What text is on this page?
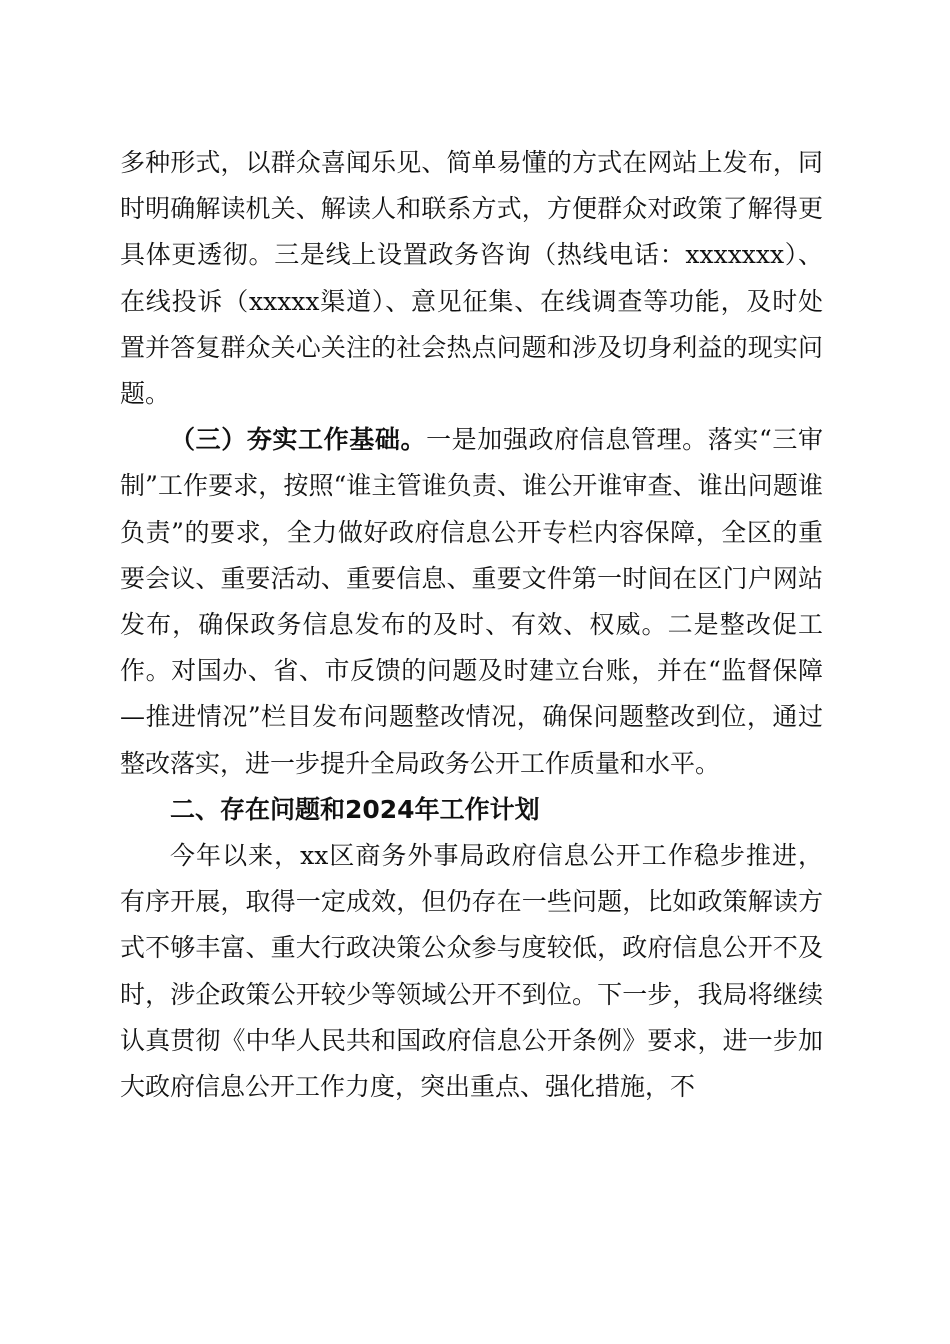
多种形式，以群众喜闻乐见、简单易懂的方式在网站上发布，同时明确解读机关、解读人和联系方式，方便群众对政策了解得更具体更透彻。三是线上设置政务咨询（热线电话：xxxxxxx）、在线投诉（xxxxx渠道）、意见征集、在线调查等功能，及时处置并答复群众关心关注的社会热点问题和涉及切身利益的现实问题。

（三）夯实工作基础。一是加强政府信息管理。落实“三审制”工作要求，按照“谁主管谁负责、谁公开谁审查、谁出问题谁负责”的要求，全力做好政府信息公开专栏内容保障，全区的重要会议、重要活动、重要信息、重要文件第一时间在区门户网站发布，确保政务信息发布的及时、有效、权威。二是整改促工作。对国办、省、市反馈的问题及时建立台账，并在“监督保障—推进情况”栏目发布问题整改情况，确保问题整改到位，通过整改落实，进一步提升全局政务公开工作质量和水平。

二、存在问题和2024年工作计划

今年以来，xx区商务外事局政府信息公开工作稳步推进，有序开展，取得一定成效，但仍存在一些问题，比如政策解读方式不够丰富、重大行政决策公众参与度较低，政府信息公开不及时，涉企政策公开较少等领域公开不到位。下一步，我局将继续认真贯彻《中华人民共和国政府信息公开条例》要求，进一步加大政府信息公开工作力度，突出重点、强化措施，不
